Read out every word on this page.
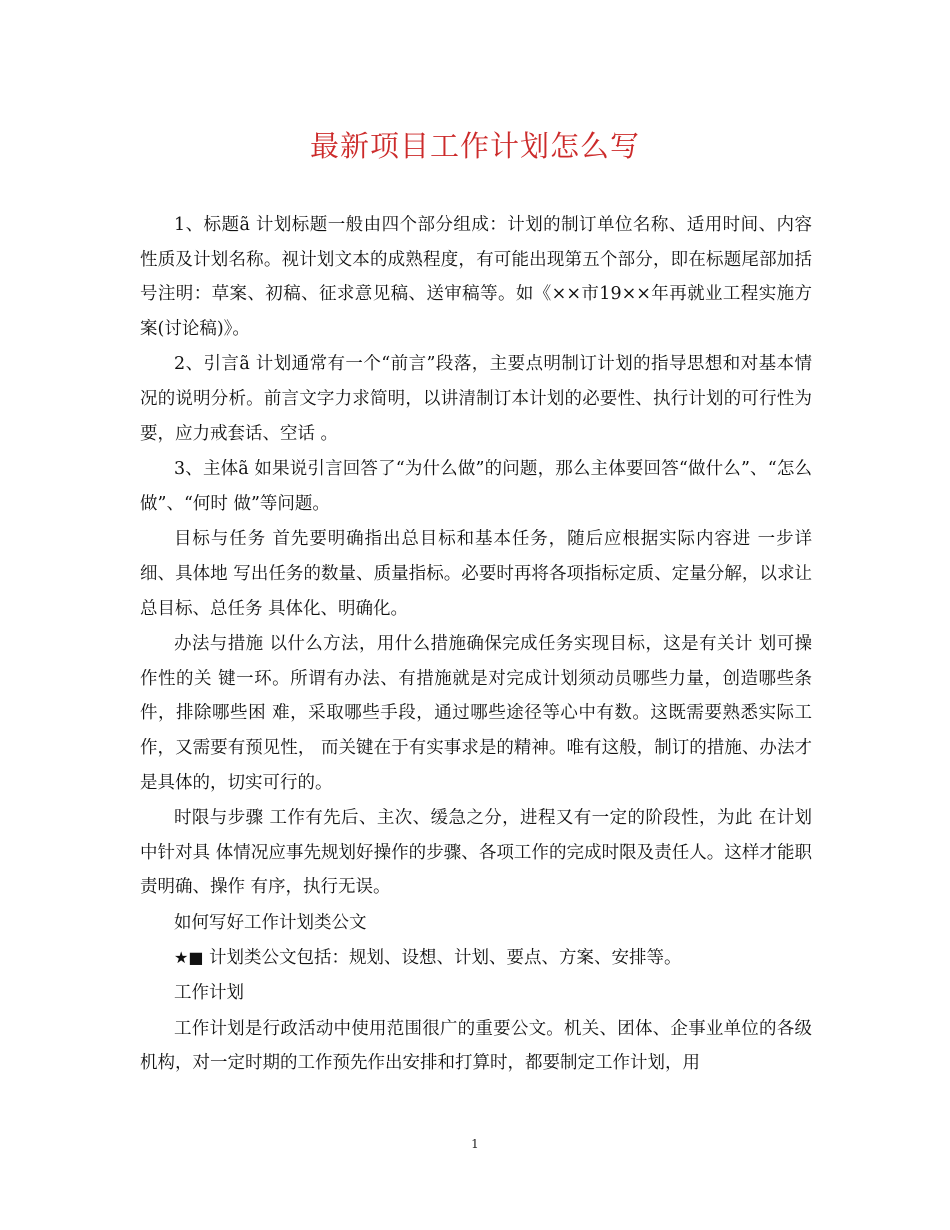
最新项目工作计划怎么写

1、标题ã 计划标题一般由四个部分组成：计划的制订单位名称、适用时间、内容性质及计划名称。视计划文本的成熟程度，有可能出现第五个部分，即在标题尾部加括号注明：草案、初稿、征求意见稿、送审稿等。如《××市19××年再就业工程实施方案(讨论稿)》。

2、引言ã 计划通常有一个“前言”段落，主要点明制订计划的指导思想和对基本情况的说明分析。前言文字力求简明，以讲清制订本计划的必要性、执行计划的可行性为要，应力戒套话、空话 。

3、主体ã 如果说引言回答了“为什么做”的问题，那么主体要回答“做什么”、“怎么做”、“何时 做”等问题。

目标与任务 首先要明确指出总目标和基本任务，随后应根据实际内容进 一步详细、具体地 写出任务的数量、质量指标。必要时再将各项指标定质、定量分解，以求让总目标、总任务 具体化、明确化。

办法与措施 以什么方法，用什么措施确保完成任务实现目标，这是有关计 划可操作性的关 键一环。所谓有办法、有措施就是对完成计划须动员哪些力量，创造哪些条件，排除哪些困 难，采取哪些手段，通过哪些途径等心中有数。这既需要熟悉实际工作，又需要有预见性， 而关键在于有实事求是的精神。唯有这般，制订的措施、办法才是具体的，切实可行的。

时限与步骤 工作有先后、主次、缓急之分，进程又有一定的阶段性，为此 在计划中针对具 体情况应事先规划好操作的步骤、各项工作的完成时限及责任人。这样才能职责明确、操作 有序，执行无误。

如何写好工作计划类公文

★■ 计划类公文包括：规划、设想、计划、要点、方案、安排等。

工作计划

工作计划是行政活动中使用范围很广的重要公文。机关、团体、企事业单位的各级机构，对一定时期的工作预先作出安排和打算时，都要制定工作计划，用

1
